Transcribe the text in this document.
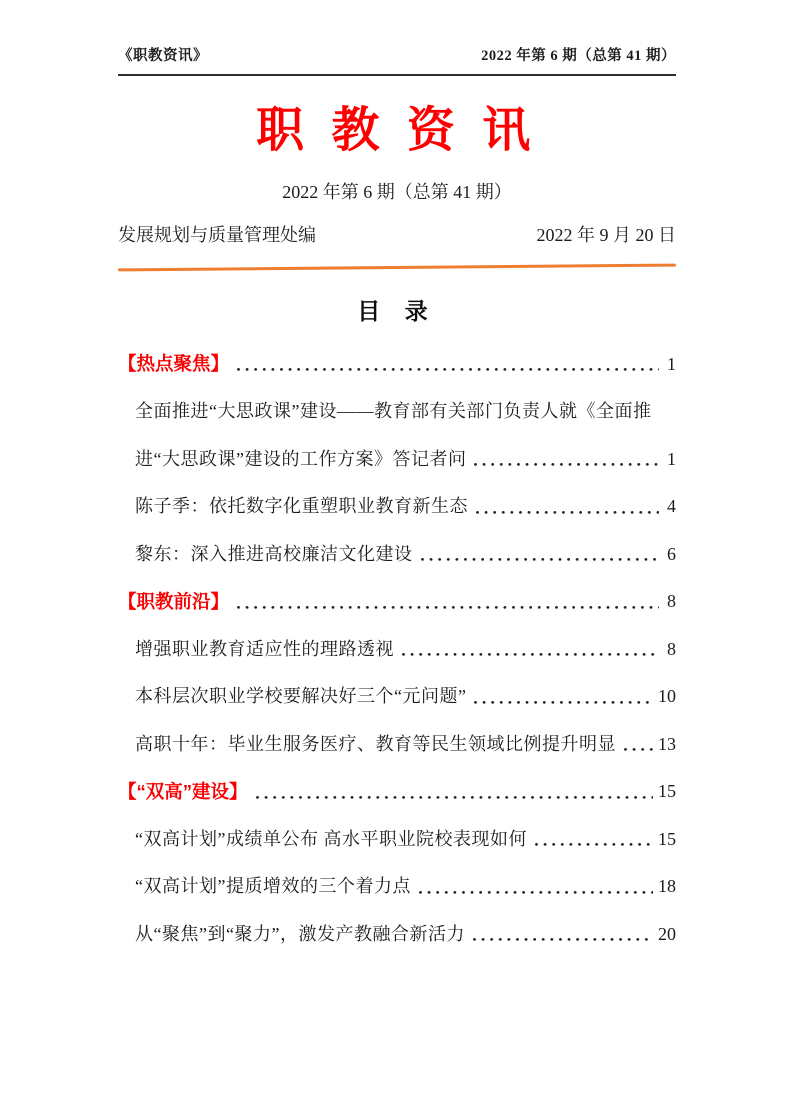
《职教资讯》	2022 年第 6 期（总第 41 期）
职 教 资 讯
2022 年第 6 期（总第 41 期）
发展规划与质量管理处编	2022 年 9 月 20 日
目 录
【热点聚焦】	1
全面推进“大思政课”建设——教育部有关部门负责人就《全面推
进“大思政课”建设的工作方案》答记者问	1
陈子季：依托数字化重塑职业教育新生态	4
黎东：深入推进高校廉洁文化建设	6
【职教前沿】	8
增强职业教育适应性的理路透视	8
本科层次职业学校要解决好三个“元问题”	10
高职十年：毕业生服务医疗、教育等民生领域比例提升明显 13
【“双高”建设】	15
“双高计划”成绩单公布 高水平职业院校表现如何	15
“双高计划”提质增效的三个着力点	18
从“聚焦”到“聚力”，激发产教融合新活力	20
